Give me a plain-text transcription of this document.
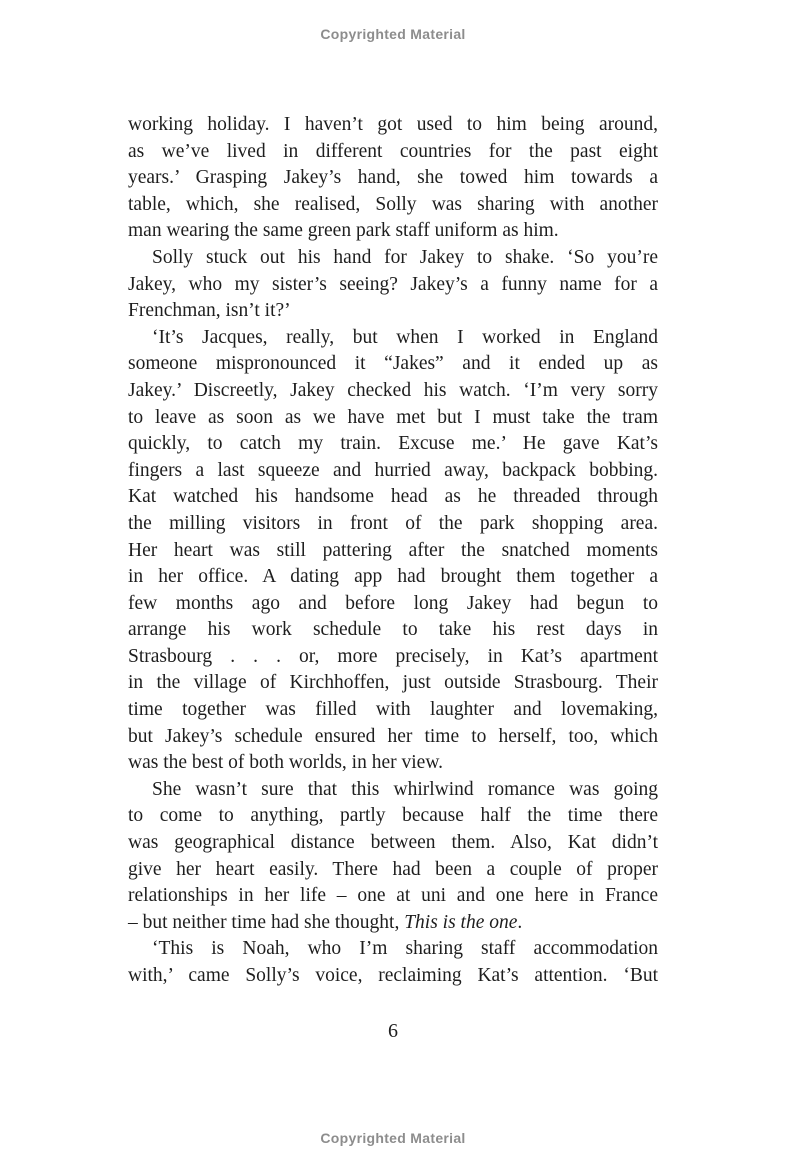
Copyrighted Material
working holiday. I haven’t got used to him being around,
as we’ve lived in different countries for the past eight
years.’ Grasping Jakey’s hand, she towed him towards a
table, which, she realised, Solly was sharing with another
man wearing the same green park staff uniform as him.
Solly stuck out his hand for Jakey to shake. ‘So you’re
Jakey, who my sister’s seeing? Jakey’s a funny name for a
Frenchman, isn’t it?’
‘It’s Jacques, really, but when I worked in England
someone mispronounced it “Jakes” and it ended up as
Jakey.’ Discreetly, Jakey checked his watch. ‘I’m very sorry
to leave as soon as we have met but I must take the tram
quickly, to catch my train. Excuse me.’ He gave Kat’s
fingers a last squeeze and hurried away, backpack bobbing.
Kat watched his handsome head as he threaded through
the milling visitors in front of the park shopping area.
Her heart was still pattering after the snatched moments
in her office. A dating app had brought them together a
few months ago and before long Jakey had begun to
arrange his work schedule to take his rest days in
Strasbourg . . . or, more precisely, in Kat’s apartment
in the village of Kirchhoffen, just outside Strasbourg. Their
time together was filled with laughter and lovemaking,
but Jakey’s schedule ensured her time to herself, too, which
was the best of both worlds, in her view.
She wasn’t sure that this whirlwind romance was going
to come to anything, partly because half the time there
was geographical distance between them. Also, Kat didn’t
give her heart easily. There had been a couple of proper
relationships in her life – one at uni and one here in France
– but neither time had she thought, This is the one.
‘This is Noah, who I’m sharing staff accommodation
with,’ came Solly’s voice, reclaiming Kat’s attention. ‘But
6
Copyrighted Material
